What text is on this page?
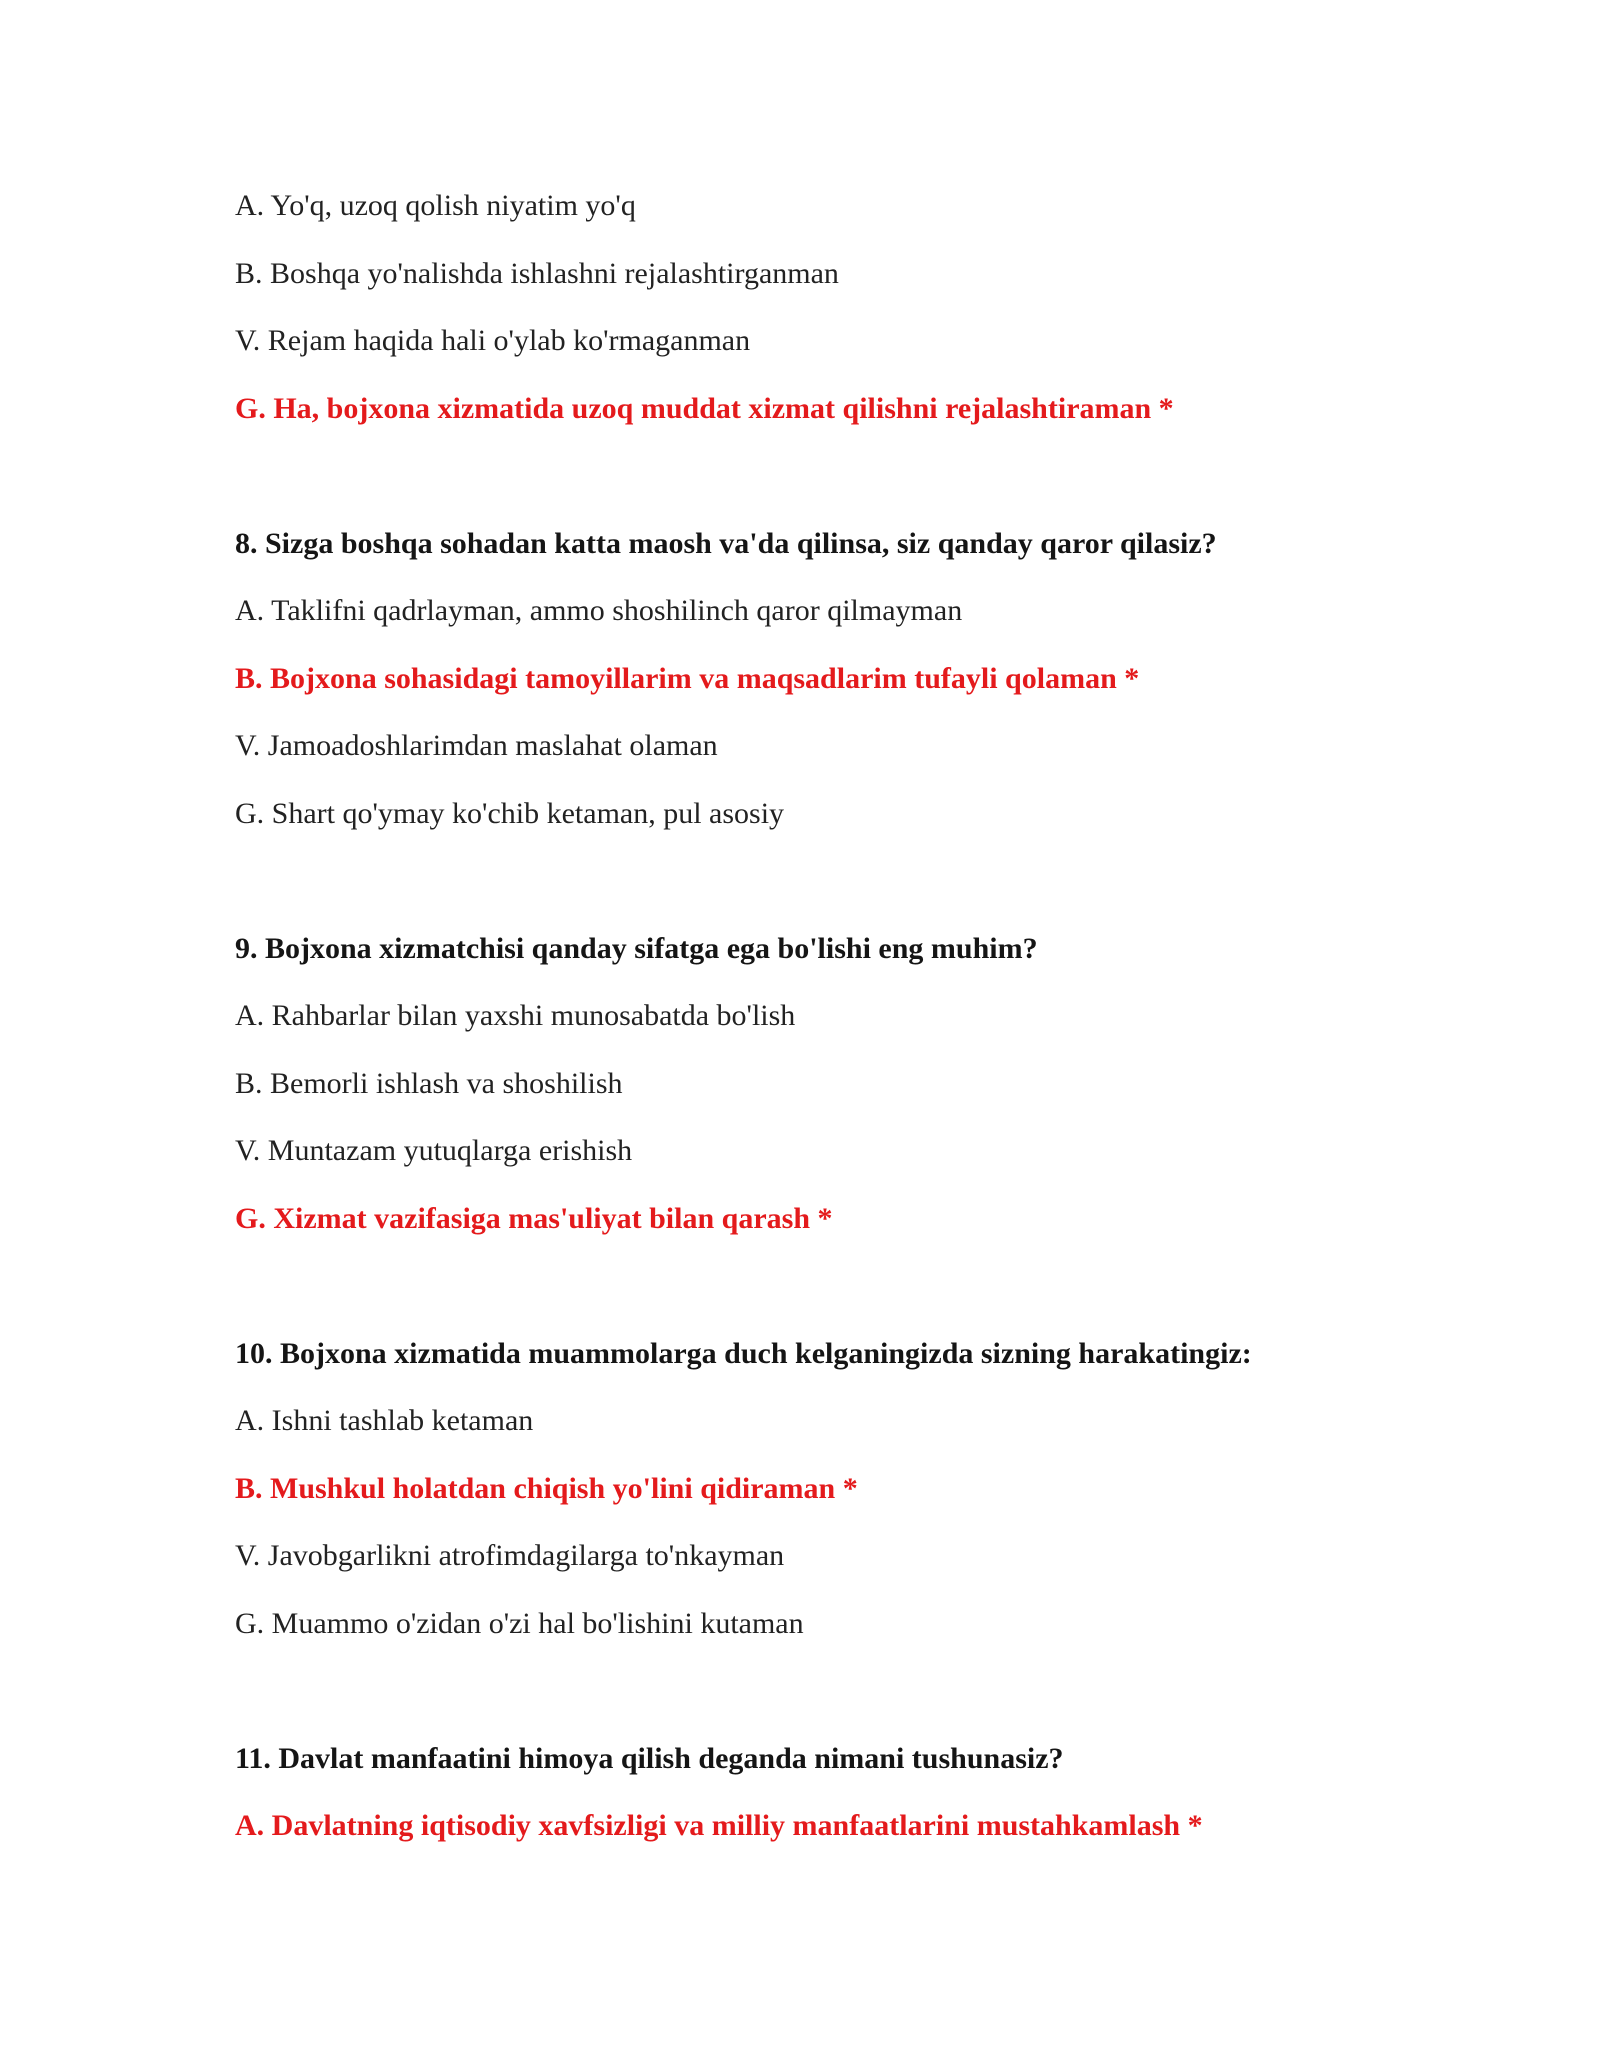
A. Yo'q, uzoq qolish niyatim yo'q
B. Boshqa yo'nalishda ishlashni rejalashtirganman
V. Rejam haqida hali o'ylab ko'rmaganman
G. Ha, bojxona xizmatida uzoq muddat xizmat qilishni rejalashtiraman *
8. Sizga boshqa sohadan katta maosh va'da qilinsa, siz qanday qaror qilasiz?
A. Taklifni qadrlayman, ammo shoshilinch qaror qilmayman
B. Bojxona sohasidagi tamoyillarim va maqsadlarim tufayli qolaman *
V. Jamoadoshlarimdan maslahat olaman
G. Shart qo'ymay ko'chib ketaman, pul asosiy
9. Bojxona xizmatchisi qanday sifatga ega bo'lishi eng muhim?
A. Rahbarlar bilan yaxshi munosabatda bo'lish
B. Bemorli ishlash va shoshilish
V. Muntazam yutuqlarga erishish
G. Xizmat vazifasiga mas'uliyat bilan qarash *
10. Bojxona xizmatida muammolarga duch kelganingizda sizning harakatingiz:
A. Ishni tashlab ketaman
B. Mushkul holatdan chiqish yo'lini qidiraman *
V. Javobgarlikni atrofimdagilarga to'nkayman
G. Muammo o'zidan o'zi hal bo'lishini kutaman
11. Davlat manfaatini himoya qilish deganda nimani tushunasiz?
A. Davlatning iqtisodiy xavfsizligi va milliy manfaatlarini mustahkamlash *
